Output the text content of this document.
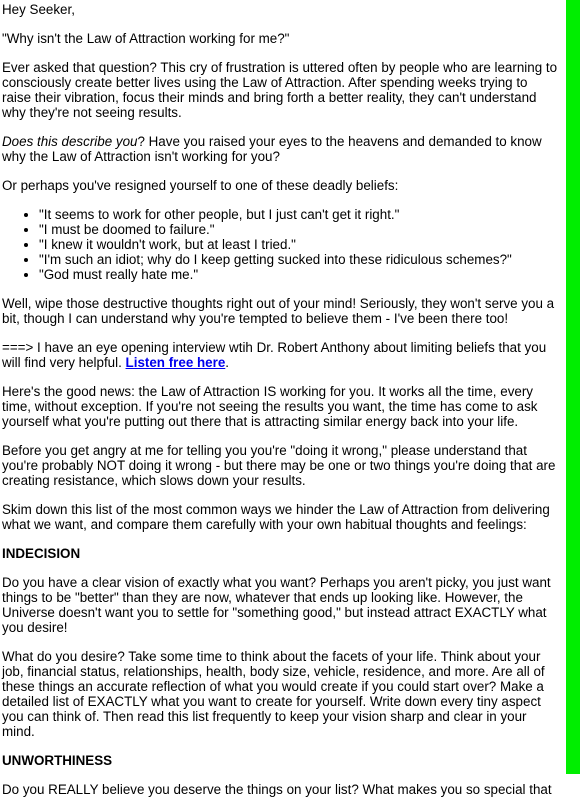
Hey Seeker,

"Why isn't the Law of Attraction working for me?"

Ever asked that question? This cry of frustration is uttered often by people who are learning to consciously create better lives using the Law of Attraction. After spending weeks trying to raise their vibration, focus their minds and bring forth a better reality, they can't understand why they're not seeing results.

Does this describe you? Have you raised your eyes to the heavens and demanded to know why the Law of Attraction isn't working for you?

Or perhaps you've resigned yourself to one of these deadly beliefs:

• "It seems to work for other people, but I just can't get it right."
• "I must be doomed to failure."
• "I knew it wouldn't work, but at least I tried."
• "I'm such an idiot; why do I keep getting sucked into these ridiculous schemes?"
• "God must really hate me."

Well, wipe those destructive thoughts right out of your mind! Seriously, they won't serve you a bit, though I can understand why you're tempted to believe them - I've been there too!

===> I have an eye opening interview wtih Dr. Robert Anthony about limiting beliefs that you will find very helpful. Listen free here.

Here's the good news: the Law of Attraction IS working for you. It works all the time, every time, without exception. If you're not seeing the results you want, the time has come to ask yourself what you're putting out there that is attracting similar energy back into your life.

Before you get angry at me for telling you you're "doing it wrong," please understand that you're probably NOT doing it wrong - but there may be one or two things you're doing that are creating resistance, which slows down your results.

Skim down this list of the most common ways we hinder the Law of Attraction from delivering what we want, and compare them carefully with your own habitual thoughts and feelings:

INDECISION

Do you have a clear vision of exactly what you want? Perhaps you aren't picky, you just want things to be "better" than they are now, whatever that ends up looking like. However, the Universe doesn't want you to settle for "something good," but instead attract EXACTLY what you desire!

What do you desire? Take some time to think about the facets of your life. Think about your job, financial status, relationships, health, body size, vehicle, residence, and more. Are all of these things an accurate reflection of what you would create if you could start over? Make a detailed list of EXACTLY what you want to create for yourself. Write down every tiny aspect you can think of. Then read this list frequently to keep your vision sharp and clear in your mind.

UNWORTHINESS

Do you REALLY believe you deserve the things on your list? What makes you so special that
